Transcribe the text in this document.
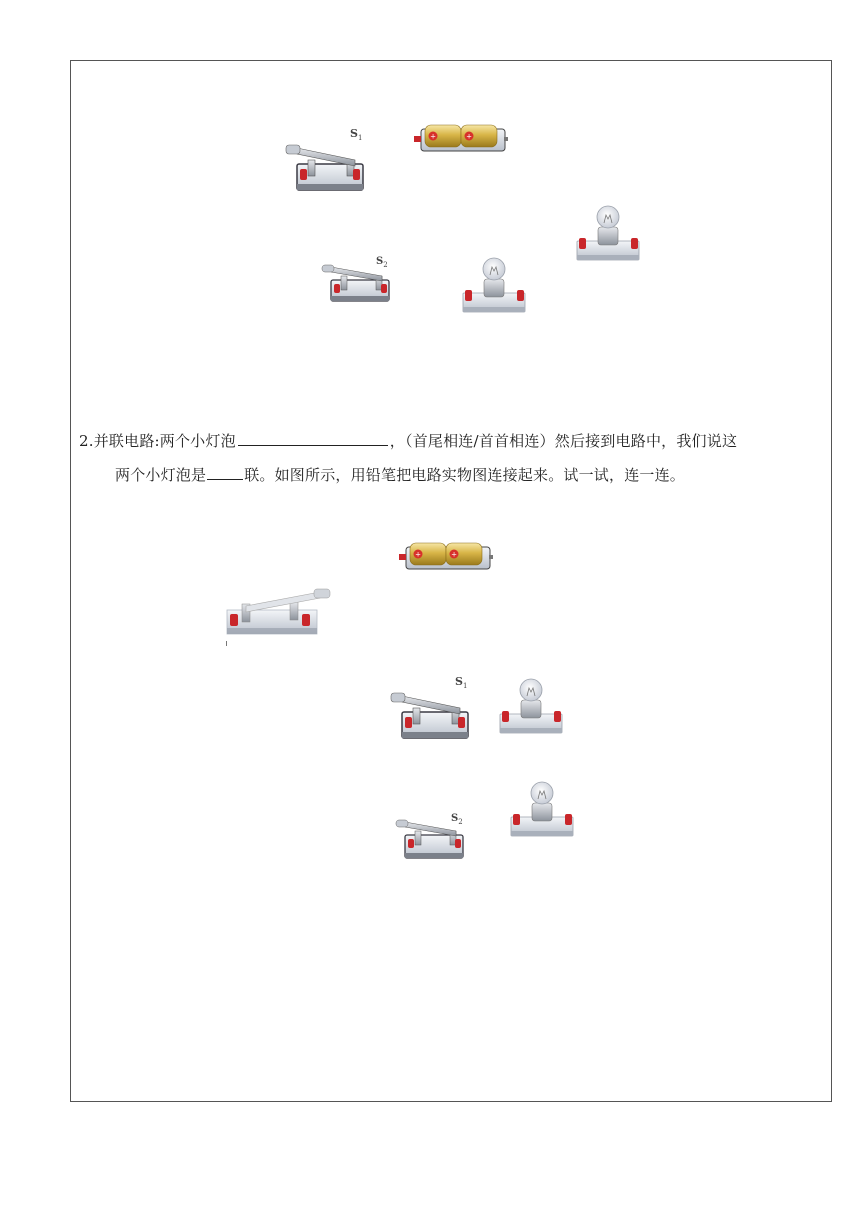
$S_1$	+	+
$S_2$
2.并联电路:两个小灯泡	，（首尾相连/首首相连）然后接到电路中，我们说这
两个小灯泡是	联。如图所示，用铅笔把电路实物图连接起来。试一试，连一连。
+	+
$S_1$
$S_2$
